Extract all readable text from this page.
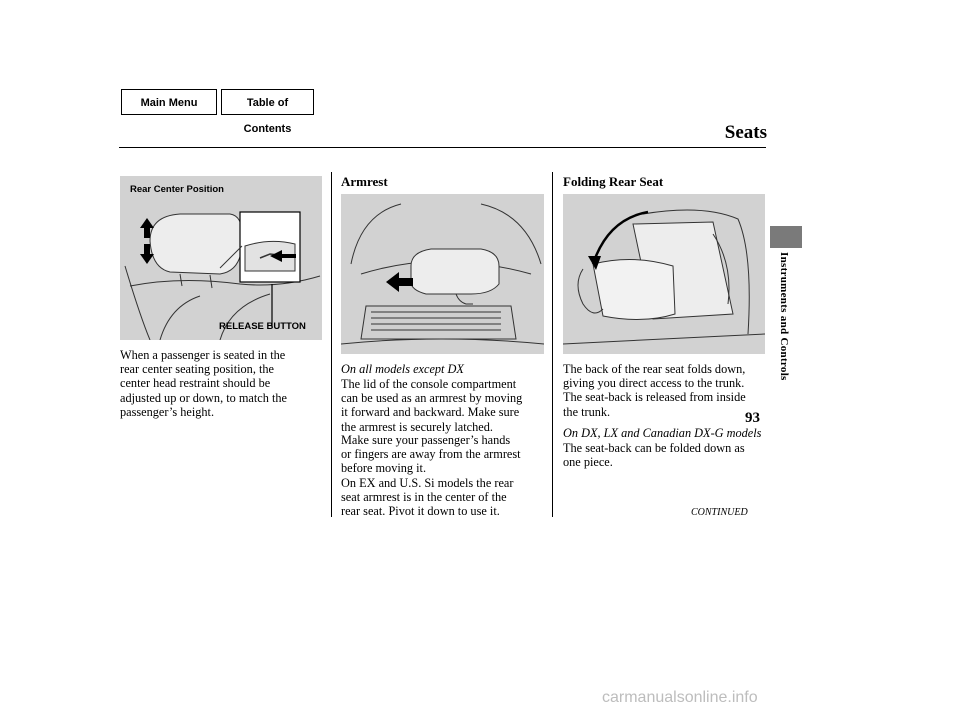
Main Menu	Table of Contents	Seats
Rear Center Position
RELEASE BUTTON
Armrest	Folding Rear Seat
When a passenger is seated in the
rear center seating position, the
center head restraint should be
adjusted up or down, to match the
passenger’s height.
On all models except DX
The lid of the console compartment
can be used as an armrest by moving
it forward and backward. Make sure
the armrest is securely latched.
Make sure your passenger’s hands
or fingers are away from the armrest
before moving it.
On EX and U.S. Si models the rear
seat armrest is in the center of the
rear seat. Pivot it down to use it.
The back of the rear seat folds down,
giving you direct access to the trunk.
The seat-back is released from inside
the trunk.
On DX, LX and Canadian DX-G models
The seat-back can be folded down as
one piece.
CONTINUED
93
Instruments and Controls
carmanualsonline.info
